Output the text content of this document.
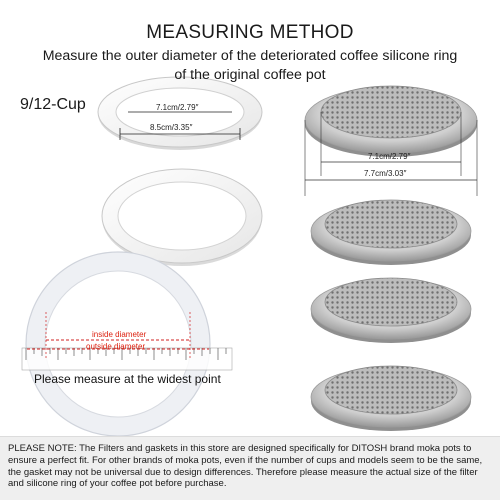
MEASURING METHOD
Measure the outer diameter of the deteriorated coffee silicone ring of the original coffee pot
9/12-Cup	7.1cm/2.79″
8.5cm/3.35″
7.1cm/2.79″
7.7cm/3.03″
inside diameter
outside diameter
Please measure at the widest point
PLEASE NOTE: The Filters and gaskets in this store are designed specifically for DITOSH brand moka pots to ensure a perfect fit. For other brands of moka pots, even if the number of cups and models seem to be the same, the gasket may not be universal due to design differences. Therefore please measure the actual size of the filter and silicone ring of your coffee pot before purchase.
